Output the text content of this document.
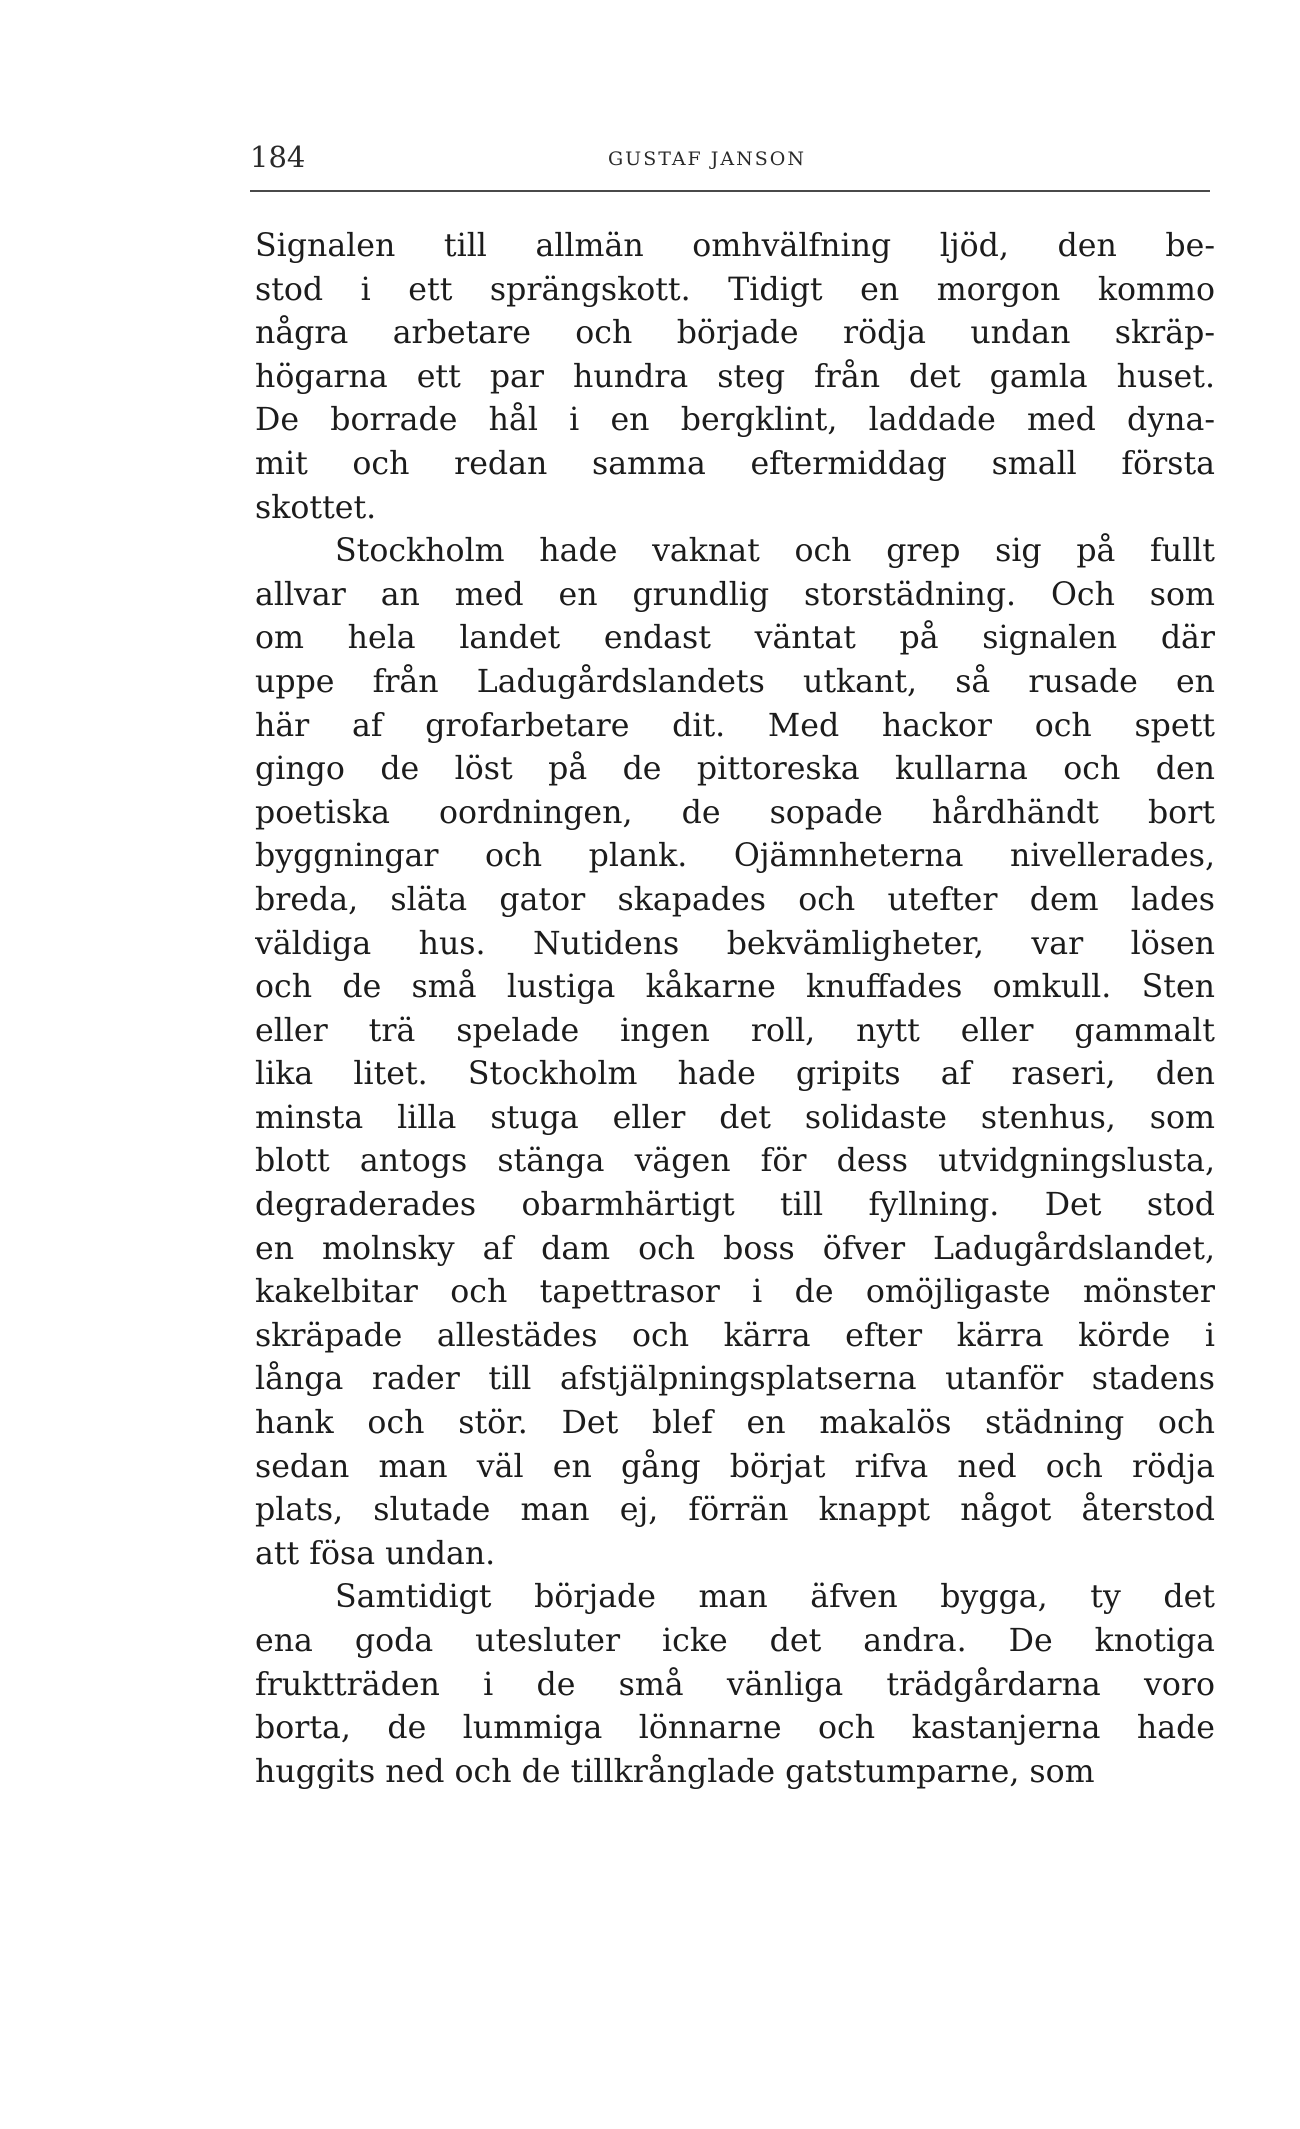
184	GUSTAF JANSON
Signalen till allmän omhvälfning ljöd, den be-
stod i ett sprängskott. Tidigt en morgon kommo
några arbetare och började rödja undan skräp-
högarna ett par hundra steg från det gamla huset.
De borrade hål i en bergklint, laddade med dyna-
mit och redan samma eftermiddag small första
skottet.
Stockholm hade vaknat och grep sig på fullt
allvar an med en grundlig storstädning. Och som
om hela landet endast väntat på signalen där
uppe från Ladugårdslandets utkant, så rusade en
här af grofarbetare dit. Med hackor och spett
gingo de löst på de pittoreska kullarna och den
poetiska oordningen, de sopade hårdhändt bort
byggningar och plank. Ojämnheterna nivellerades,
breda, släta gator skapades och utefter dem lades
väldiga hus. Nutidens bekvämligheter, var lösen
och de små lustiga kåkarne knuffades omkull. Sten
eller trä spelade ingen roll, nytt eller gammalt
lika litet. Stockholm hade gripits af raseri, den
minsta lilla stuga eller det solidaste stenhus, som
blott antogs stänga vägen för dess utvidgningslusta,
degraderades obarmhärtigt till fyllning. Det stod
en molnsky af dam och boss öfver Ladugårdslandet,
kakelbitar och tapettrasor i de omöjligaste mönster
skräpade allestädes och kärra efter kärra körde i
långa rader till afstjälpningsplatserna utanför stadens
hank och stör. Det blef en makalös städning och
sedan man väl en gång börjat rifva ned och rödja
plats, slutade man ej, förrän knappt något återstod
att fösa undan.
Samtidigt började man äfven bygga, ty det
ena goda utesluter icke det andra. De knotiga
fruktträden i de små vänliga trädgårdarna voro
borta, de lummiga lönnarne och kastanjerna hade
huggits ned och de tillkrånglade gatstumparne, som
